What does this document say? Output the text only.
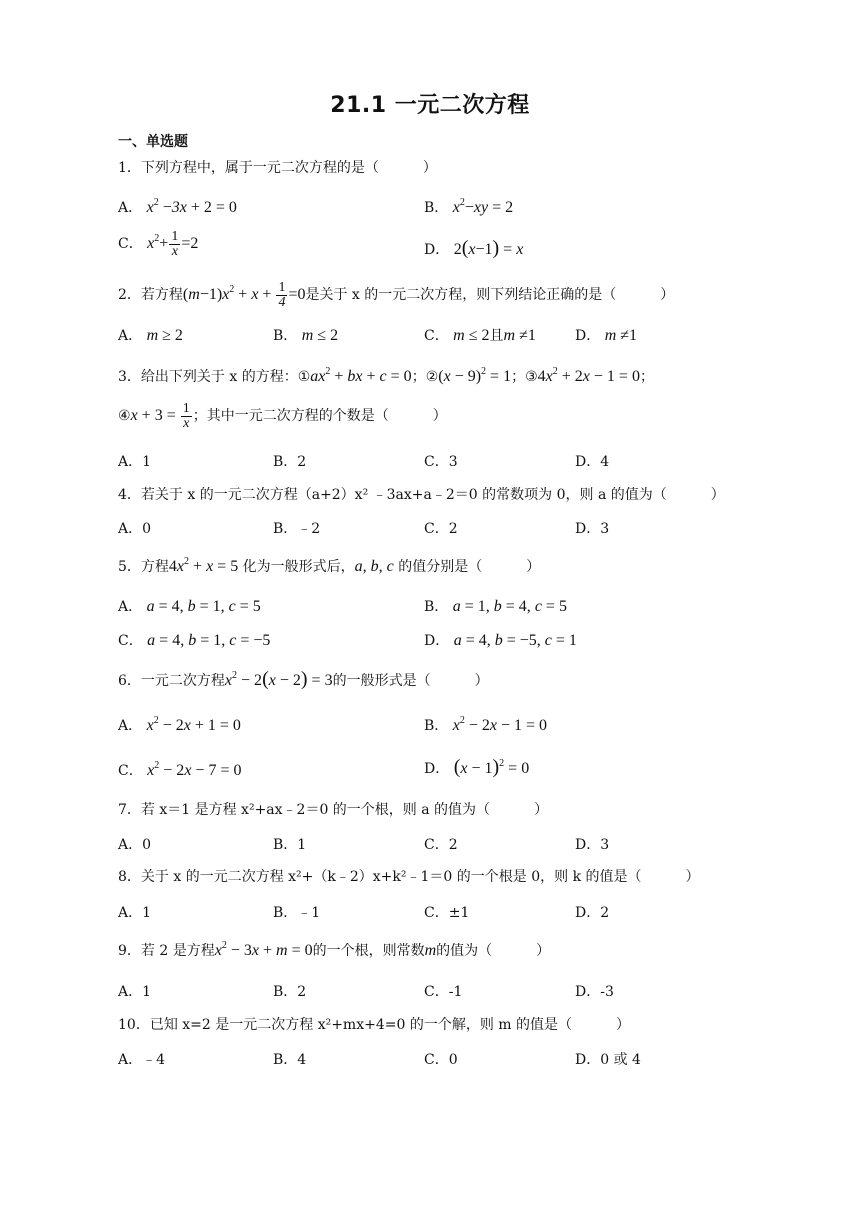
21.1 一元二次方程
一、单选题
1．下列方程中，属于一元二次方程的是（	）
A． $x^2 -3x + 2 = 0$	B． $x^2-xy = 2$
C． $x^2+ \frac{1}{x} =2$	D． 2(x−1) = x
2．若方程$(m-1)x^2 + x + \frac{1}{4} =0$是关于 x 的一元二次方程，则下列结论正确的是（	）
A． m ≥ 2	B． m ≤ 2	C． m ≤ 2且m ≠1	D． m ≠1
3．给出下列关于 x 的方程：$①ax^2$ + bx + c = 0；②(x − 9)$^2$ = 1；$③4x^2 + 2x - 1 = 0$；
④x + $3 = \frac{1}{x}$ ；其中一元二次方程的个数是（	）
A．1	B．2	C．3	D．4
4．若关于 x 的一元二次方程（a+2）x² ﹣3ax+a﹣2＝0 的常数项为 0，则 a 的值为（	）
A．0	B．﹣2	C．2	D．3
5．方程$4x^2 + x = 5$ 化为一般形式后，a, b, c 的值分别是（	）
A． a = 4, b = 1, c = 5	B． a = 1, b = 4, c = 5
C． a = 4, b = 1, c = −5	D． a = 4, b = −5, c = 1
6．一元二次方程$x^2 - 2(x - 2) = 3$的一般形式是（	）
A． $x^2 - 2x + 1 = 0$	B． $x^2 - 2x - 1 = 0$
C． $x^2 - 2x - 7 = 0$	D． $(x - 1)^2 = 0$
7．若 x＝1 是方程 x²+ax﹣2＝0 的一个根，则 a 的值为（	）
A．0	B．1	C．2	D．3
8．关于 x 的一元二次方程 x²+（k﹣2）x+k²﹣1＝0 的一个根是 0，则 k 的值是（	）
A．1	B．﹣1	C．±1	D．2
9．若 2 是方程$x^2 - 3x + m = 0$的一个根，则常数m的值为（	）
A．1	B．2	C．-1	D．-3
10．已知 x=2 是一元二次方程 x²+mx+4=0 的一个解，则 m 的值是（	）
A．﹣4	B．4	C．0	D．0 或 4
